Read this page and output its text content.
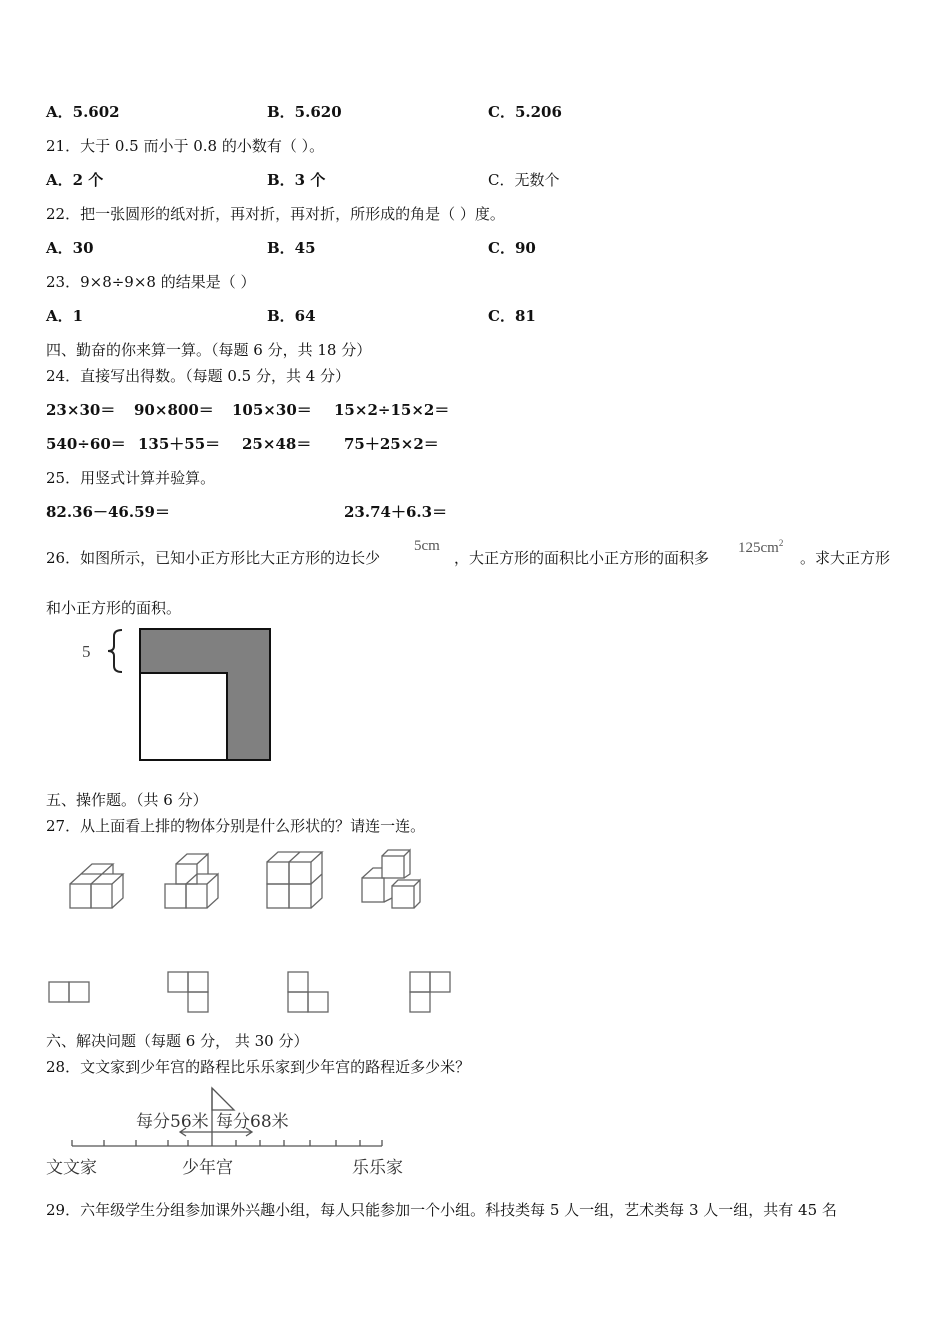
A．5.602	B．5.620	C．5.206
21．大于 0.5 而小于 0.8 的小数有（ ）。
A．2 个	B．3 个	C．无数个
22．把一张圆形的纸对折，再对折，再对折，所形成的角是（ ）度。
A．30	B．45	C．90
23．9×8÷9×8 的结果是（ ）
A．1	B．64	C．81
四、勤奋的你来算一算。（每题 6 分，共 18 分）
24．直接写出得数。（每题 0.5 分，共 4 分）
23×30＝ 90×800＝ 105×30＝ 15×2÷15×2＝
540÷60＝ 135＋55＝ 25×48＝ 75＋25×2＝
25．用竖式计算并验算。
82.36－46.59＝	23.74＋6.3＝
26．如图所示，已知小正方形比大正方形的边长少
5cm
，大正方形的面积比小正方形的面积多
$125cm^2$
。求大正方形
和小正方形的面积。
5
五、操作题。（共 6 分）
27．从上面看上排的物体分别是什么形状的？请连一连。
六、解决问题（每题 6 分， 共 30 分）
28．文文家到少年宫的路程比乐乐家到少年宫的路程近多少米？
每分56米 每分68米
文文家	少年宫	乐乐家
29．六年级学生分组参加课外兴趣小组，每人只能参加一个小组。科技类每 5 人一组，艺术类每 3 人一组，共有 45 名
